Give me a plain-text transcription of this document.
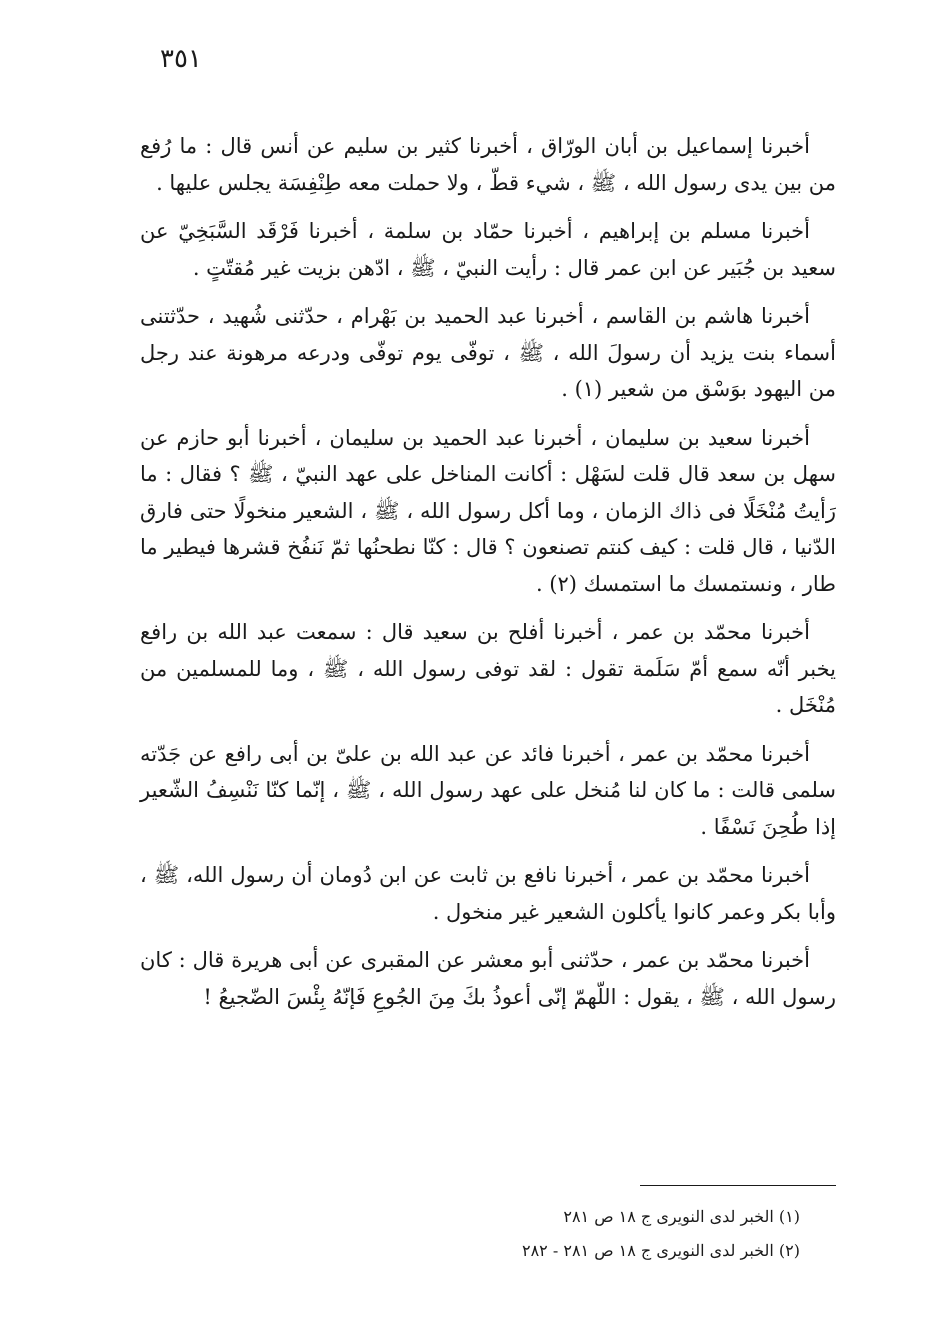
٣٥١

أخبرنا إسماعيل بن أبان الورّاق ، أخبرنا كثير بن سليم عن أنس قال : ما رُفع من بين يدى رسول الله ، ﷺ ، شيء قطّ ، ولا حملت معه طِنْفِسَة يجلس عليها .

أخبرنا مسلم بن إبراهيم ، أخبرنا حمّاد بن سلمة ، أخبرنا فَرْقَد السَّبَخِيّ عن سعيد بن جُبَير عن ابن عمر قال : رأيت النبيّ ، ﷺ ، ادّهن بزيت غير مُقتّتٍ .

أخبرنا هاشم بن القاسم ، أخبرنا عبد الحميد بن بَهْرام ، حدّثنى شُهيد ، حدّثتنى أسماء بنت يزيد أن رسولَ الله ، ﷺ ، توفّى يوم توفّى ودرعه مرهونة عند رجل من اليهود بوَسْق من شعير (١) .

أخبرنا سعيد بن سليمان ، أخبرنا عبد الحميد بن سليمان ، أخبرنا أبو حازم عن سهل بن سعد قال قلت لسَهْل : أكانت المناخل على عهد النبيّ ، ﷺ ؟ فقال : ما رَأيتُ مُنْخَلًا فى ذاك الزمان ، وما أكل رسول الله ، ﷺ ، الشعير منخولًا حتى فارق الدّنيا ، قال قلت : كيف كنتم تصنعون ؟ قال : كنّا نطحنُها ثمّ نَنفُخ قشرها فيطير ما طار ، ونستمسك ما استمسك (٢) .

أخبرنا محمّد بن عمر ، أخبرنا أفلح بن سعيد قال : سمعت عبد الله بن رافع يخبر أنّه سمع أمّ سَلَمة تقول : لقد توفى رسول الله ، ﷺ ، وما للمسلمين من مُنْخَل .

أخبرنا محمّد بن عمر ، أخبرنا فائد عن عبد الله بن علىّ بن أبى رافع عن جَدّته سلمى قالت : ما كان لنا مُنخل على عهد رسول الله ، ﷺ ، إنّما كنّا نَنْسِفُ الشّعير إذا طُحِنَ نَسْفًا .

أخبرنا محمّد بن عمر ، أخبرنا نافع بن ثابت عن ابن دُومان أن رسول الله، ﷺ ، وأبا بكر وعمر كانوا يأكلون الشعير غير منخول .

أخبرنا محمّد بن عمر ، حدّثنى أبو معشر عن المقبرى عن أبى هريرة قال : كان رسول الله ، ﷺ ، يقول : اللّهمّ إنّى أعوذُ بكَ مِنَ الجُوعِ فَإنّهُ بِئْسَ الضّجيعُ !

(١) الخبر لدى النويرى ج ١٨ ص ٢٨١

(٢) الخبر لدى النويرى ج ١٨ ص ٢٨١ - ٢٨٢
